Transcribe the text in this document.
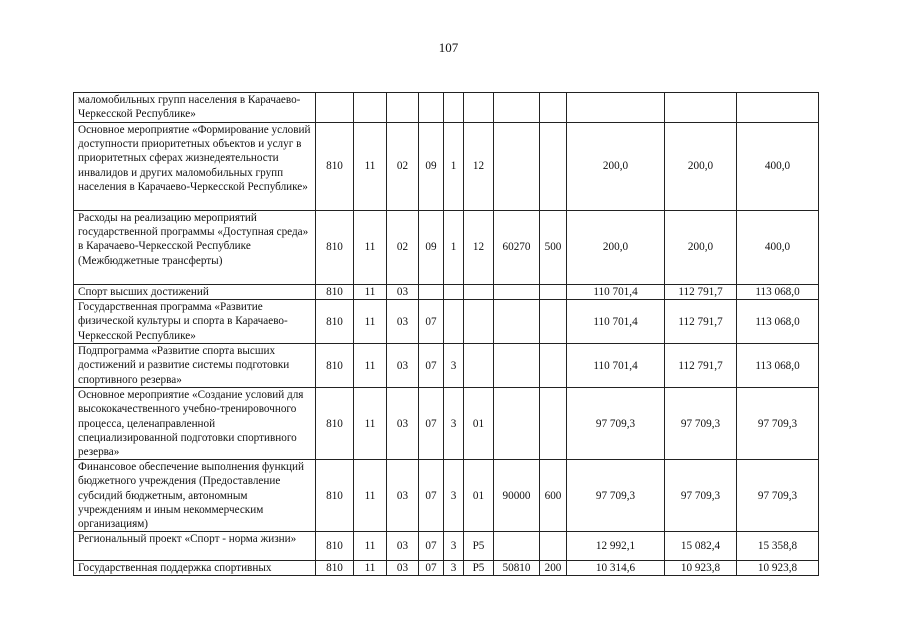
107
маломобильных групп населения в Карачаево-Черкесской Республике»											
Основное мероприятие «Формирование условий доступности приоритетных объектов и услуг в приоритетных сферах жизнедеятельности инвалидов и других маломобильных групп населения в Карачаево-Черкесской Республике»	810	11	02	09	1	12			200,0	200,0	400,0
Расходы на реализацию мероприятий государственной программы «Доступная среда» в Карачаево-Черкесской Республике (Межбюджетные трансферты)	810	11	02	09	1	12	60270	500	200,0	200,0	400,0
Спорт высших достижений	810	11	03						110 701,4	112 791,7	113 068,0
Государственная программа «Развитие физической культуры и спорта в Карачаево-Черкесской Республике»	810	11	03	07					110 701,4	112 791,7	113 068,0
Подпрограмма «Развитие спорта высших достижений и развитие системы подготовки спортивного резерва»	810	11	03	07	3				110 701,4	112 791,7	113 068,0
Основное мероприятие «Создание условий для высококачественного учебно-тренировочного процесса, целенаправленной специализированной подготовки спортивного резерва»	810	11	03	07	3	01			97 709,3	97 709,3	97 709,3
Финансовое обеспечение выполнения функций бюджетного учреждения (Предоставление субсидий бюджетным, автономным учреждениям и иным некоммерческим организациям)	810	11	03	07	3	01	90000	600	97 709,3	97 709,3	97 709,3
Региональный проект «Спорт - норма жизни»	810	11	03	07	3	P5			12 992,1	15 082,4	15 358,8
Государственная поддержка спортивных	810	11	03	07	3	P5	50810	200	10 314,6	10 923,8	10 923,8
